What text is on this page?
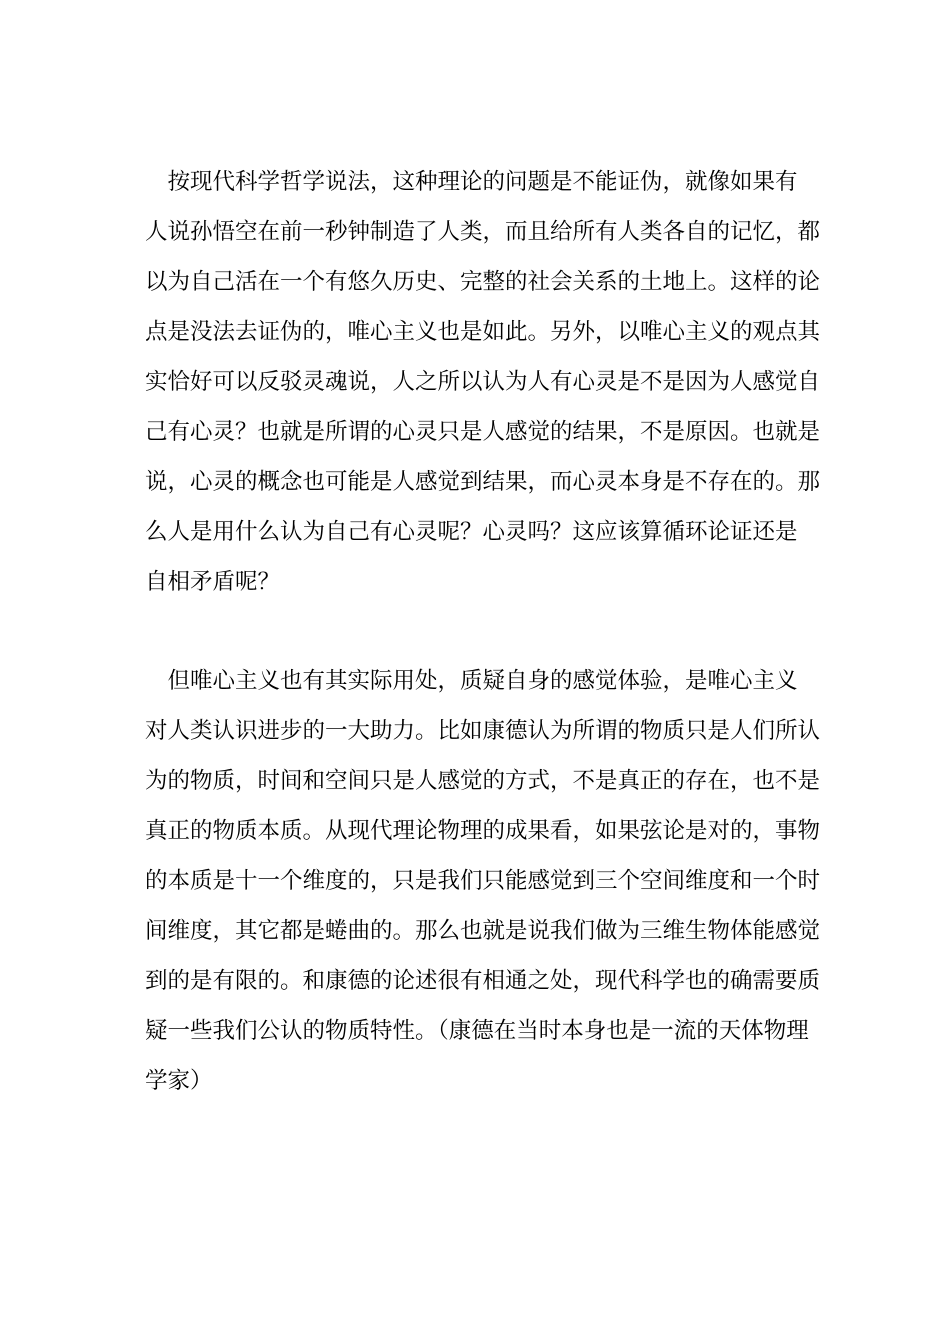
　按现代科学哲学说法，这种理论的问题是不能证伪，就像如果有
人说孙悟空在前一秒钟制造了人类，而且给所有人类各自的记忆，都
以为自己活在一个有悠久历史、完整的社会关系的土地上。这样的论
点是没法去证伪的，唯心主义也是如此。另外，以唯心主义的观点其
实恰好可以反驳灵魂说，人之所以认为人有心灵是不是因为人感觉自
己有心灵？也就是所谓的心灵只是人感觉的结果，不是原因。也就是
说，心灵的概念也可能是人感觉到结果，而心灵本身是不存在的。那
么人是用什么认为自己有心灵呢？心灵吗？这应该算循环论证还是
自相矛盾呢？
　但唯心主义也有其实际用处，质疑自身的感觉体验，是唯心主义
对人类认识进步的一大助力。比如康德认为所谓的物质只是人们所认
为的物质，时间和空间只是人感觉的方式，不是真正的存在，也不是
真正的物质本质。从现代理论物理的成果看，如果弦论是对的，事物
的本质是十一个维度的，只是我们只能感觉到三个空间维度和一个时
间维度，其它都是蜷曲的。那么也就是说我们做为三维生物体能感觉
到的是有限的。和康德的论述很有相通之处，现代科学也的确需要质
疑一些我们公认的物质特性。（康德在当时本身也是一流的天体物理
学家）
